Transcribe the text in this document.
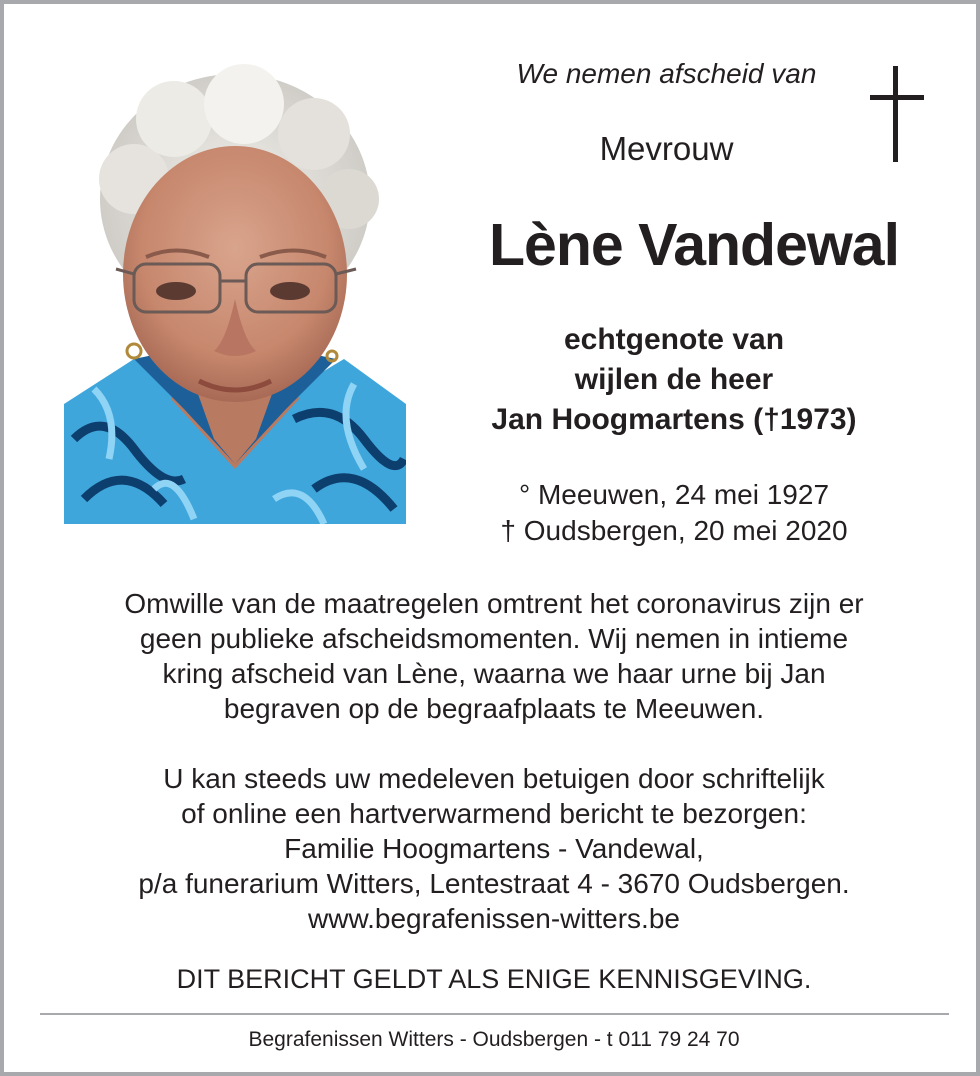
We nemen afscheid van
Mevrouw
Lène Vandewal
echtgenote van
wijlen de heer
Jan Hoogmartens (†1973)
° Meeuwen, 24 mei 1927
† Oudsbergen, 20 mei 2020
Omwille van de maatregelen omtrent het coronavirus zijn er
geen publieke afscheidsmomenten. Wij nemen in intieme
kring afscheid van Lène, waarna we haar urne bij Jan
begraven op de begraafplaats te Meeuwen.
U kan steeds uw medeleven betuigen door schriftelijk
of online een hartverwarmend bericht te bezorgen:
Familie Hoogmartens - Vandewal,
p/a funerarium Witters, Lentestraat 4 - 3670 Oudsbergen.
www.begrafenissen-witters.be
DIT BERICHT GELDT ALS ENIGE KENNISGEVING.
Begrafenissen Witters - Oudsbergen - t 011 79 24 70
